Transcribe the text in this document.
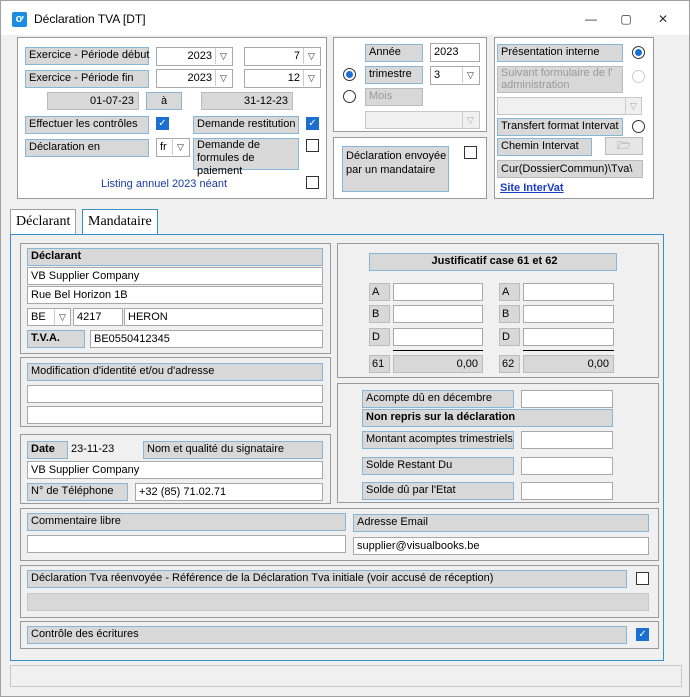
ơ Déclaration TVA [DT]	—	▢	✕
Exercice - Période début	2023 ▽	7 ▽
Exercice - Période fin	2023 ▽	12 ▽
01-07-23	à	31-12-23
Effectuer les contrôles	✓	Demande restitution	✓
Déclaration en	fr	▽	Demande de formules de paiement
Listing annuel 2023 néant
Année	2023
trimestre	3	▽
Mois
▽
Déclaration envoyée par un mandataire
Présentation interne
Suivant formulaire de l' administration
▽
Transfert format Intervat
Chemin Intervat	🗁
Cur(DossierCommun)\Tva\
Site InterVat
Déclarant	Mandataire
Déclarant
VB Supplier Company
Rue Bel Horizon 1B
BE	▽	4217	HERON
T.V.A.	BE0550412345
Modification d'identité et/ou d'adresse
Date	23-11-23	Nom et qualité du signataire
VB Supplier Company
N° de Téléphone	+32 (85) 71.02.71
Justificatif case 61 et 62
A	A
B	B
D	D
61	0,00	62	0,00
Acompte dû en décembre
Non repris sur la déclaration
Montant acomptes trimestriels
Solde Restant Du
Solde dû par l'Etat
Commentaire libre	Adresse Email
supplier@visualbooks.be
Déclaration Tva réenvoyée - Référence de la Déclaration Tva initiale (voir accusé de réception)
Contrôle des écritures	✓
